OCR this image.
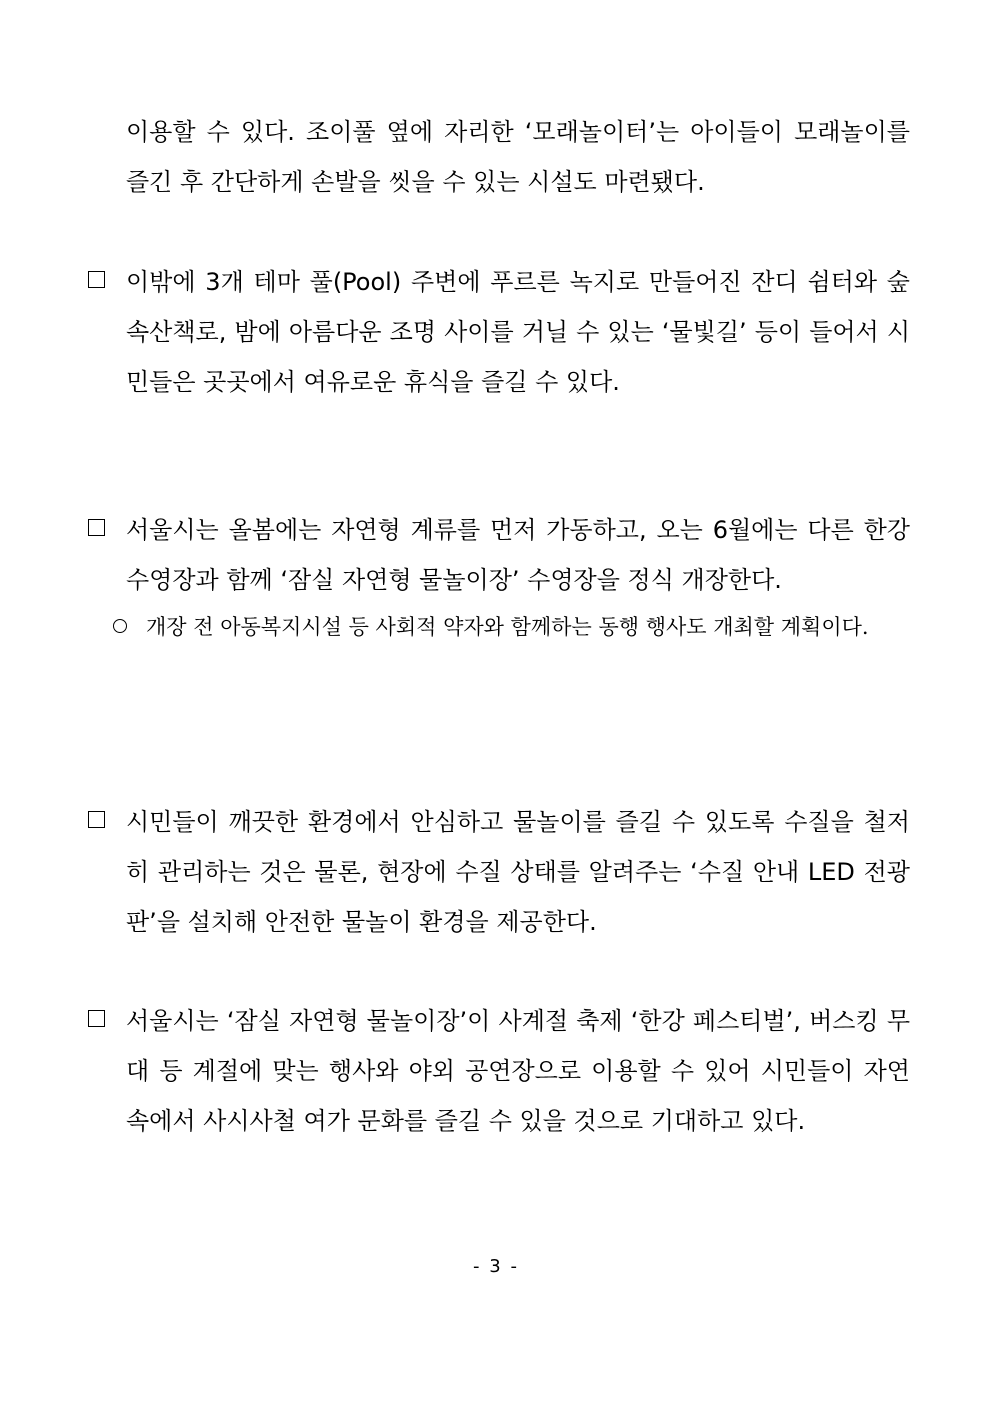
이용할 수 있다. 조이풀 옆에 자리한 ‘모래놀이터’는 아이들이 모래놀이를 즐긴 후 간단하게 손발을 씻을 수 있는 시설도 마련됐다.
이밖에 3개 테마 풀(Pool) 주변에 푸르른 녹지로 만들어진 잔디 쉼터와 숲속산책로, 밤에 아름다운 조명 사이를 거닐 수 있는 ‘물빛길’ 등이 들어서 시민들은 곳곳에서 여유로운 휴식을 즐길 수 있다.
서울시는 올봄에는 자연형 계류를 먼저 가동하고, 오는 6월에는 다른 한강 수영장과 함께 ‘잠실 자연형 물놀이장’ 수영장을 정식 개장한다.
개장 전 아동복지시설 등 사회적 약자와 함께하는 동행 행사도 개최할 계획이다.
시민들이 깨끗한 환경에서 안심하고 물놀이를 즐길 수 있도록 수질을 철저히 관리하는 것은 물론, 현장에 수질 상태를 알려주는 ‘수질 안내 LED 전광판’을 설치해 안전한 물놀이 환경을 제공한다.
서울시는 ‘잠실 자연형 물놀이장’이 사계절 축제 ‘한강 페스티벌’, 버스킹 무대 등 계절에 맞는 행사와 야외 공연장으로 이용할 수 있어 시민들이 자연 속에서 사시사철 여가 문화를 즐길 수 있을 것으로 기대하고 있다.
- 3 -
